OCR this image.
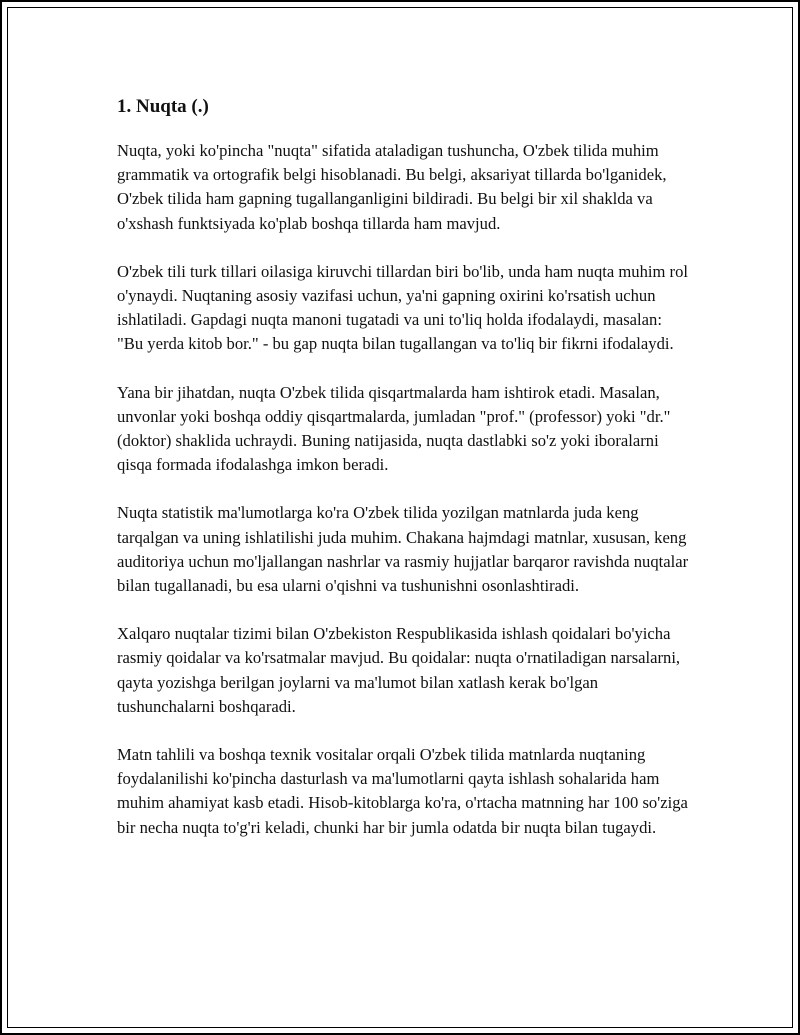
1. Nuqta (.)

Nuqta, yoki ko'pincha "nuqta" sifatida ataladigan tushuncha, O'zbek tilida muhim grammatik va ortografik belgi hisoblanadi. Bu belgi, aksariyat tillarda bo'lganidek, O'zbek tilida ham gapning tugallanganligini bildiradi. Bu belgi bir xil shaklda va o'xshash funktsiyada ko'plab boshqa tillarda ham mavjud.

O'zbek tili turk tillari oilasiga kiruvchi tillardan biri bo'lib, unda ham nuqta muhim rol o'ynaydi. Nuqtaning asosiy vazifasi uchun, ya'ni gapning oxirini ko'rsatish uchun ishlatiladi. Gapdagi nuqta manoni tugatadi va uni to'liq holda ifodalaydi, masalan: "Bu yerda kitob bor." - bu gap nuqta bilan tugallangan va to'liq bir fikrni ifodalaydi.

Yana bir jihatdan, nuqta O'zbek tilida qisqartmalarda ham ishtirok etadi. Masalan, unvonlar yoki boshqa oddiy qisqartmalarda, jumladan "prof." (professor) yoki "dr." (doktor) shaklida uchraydi. Buning natijasida, nuqta dastlabki so'z yoki iboralarni qisqa formada ifodalashga imkon beradi.

Nuqta statistik ma'lumotlarga ko'ra O'zbek tilida yozilgan matnlarda juda keng tarqalgan va uning ishlatilishi juda muhim. Chakana hajmdagi matnlar, xususan, keng auditoriya uchun mo'ljallangan nashrlar va rasmiy hujjatlar barqaror ravishda nuqtalar bilan tugallanadi, bu esa ularni o'qishni va tushunishni osonlashtiradi.

Xalqaro nuqtalar tizimi bilan O'zbekiston Respublikasida ishlash qoidalari bo'yicha rasmiy qoidalar va ko'rsatmalar mavjud. Bu qoidalar: nuqta o'rnatiladigan narsalarni, qayta yozishga berilgan joylarni va ma'lumot bilan xatlash kerak bo'lgan tushunchalarni boshqaradi.

Matn tahlili va boshqa texnik vositalar orqali O'zbek tilida matnlarda nuqtaning foydalanilishi ko'pincha dasturlash va ma'lumotlarni qayta ishlash sohalarida ham muhim ahamiyat kasb etadi. Hisob-kitoblarga ko'ra, o'rtacha matnning har 100 so'ziga bir necha nuqta to'g'ri keladi, chunki har bir jumla odatda bir nuqta bilan tugaydi.
